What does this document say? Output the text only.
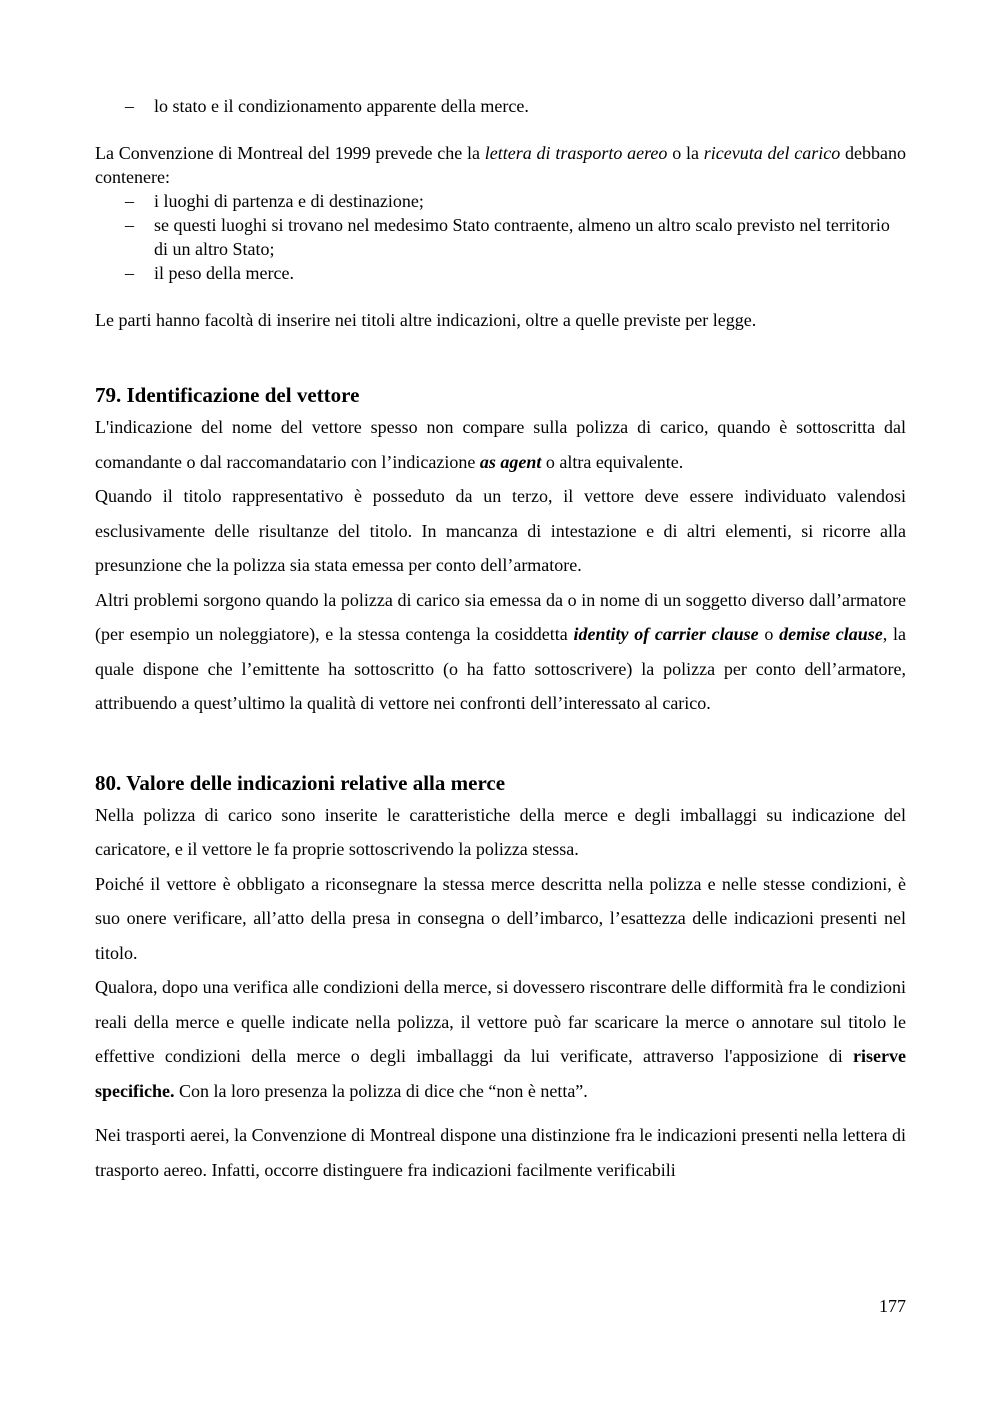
– lo stato e il condizionamento apparente della merce.

La Convenzione di Montreal del 1999 prevede che la lettera di trasporto aereo o la ricevuta del carico debbano contenere:

– i luoghi di partenza e di destinazione;
– se questi luoghi si trovano nel medesimo Stato contraente, almeno un altro scalo previsto nel territorio di un altro Stato;
– il peso della merce.

Le parti hanno facoltà di inserire nei titoli altre indicazioni, oltre a quelle previste per legge.

79. Identificazione del vettore

L'indicazione del nome del vettore spesso non compare sulla polizza di carico, quando è sottoscritta dal comandante o dal raccomandatario con l’indicazione as agent o altra equivalente.

Quando il titolo rappresentativo è posseduto da un terzo, il vettore deve essere individuato valendosi esclusivamente delle risultanze del titolo. In mancanza di intestazione e di altri elementi, si ricorre alla presunzione che la polizza sia stata emessa per conto dell’armatore.

Altri problemi sorgono quando la polizza di carico sia emessa da o in nome di un soggetto diverso dall’armatore (per esempio un noleggiatore), e la stessa contenga la cosiddetta identity of carrier clause o demise clause, la quale dispone che l’emittente ha sottoscritto (o ha fatto sottoscrivere) la polizza per conto dell’armatore, attribuendo a quest’ultimo la qualità di vettore nei confronti dell’interessato al carico.

80. Valore delle indicazioni relative alla merce

Nella polizza di carico sono inserite le caratteristiche della merce e degli imballaggi su indicazione del caricatore, e il vettore le fa proprie sottoscrivendo la polizza stessa.

Poiché il vettore è obbligato a riconsegnare la stessa merce descritta nella polizza e nelle stesse condizioni, è suo onere verificare, all’atto della presa in consegna o dell’imbarco, l’esattezza delle indicazioni presenti nel titolo.

Qualora, dopo una verifica alle condizioni della merce, si dovessero riscontrare delle difformità fra le condizioni reali della merce e quelle indicate nella polizza, il vettore può far scaricare la merce o annotare sul titolo le effettive condizioni della merce o degli imballaggi da lui verificate, attraverso l'apposizione di riserve specifiche. Con la loro presenza la polizza di dice che “non è netta”.

Nei trasporti aerei, la Convenzione di Montreal dispone una distinzione fra le indicazioni presenti nella lettera di trasporto aereo. Infatti, occorre distinguere fra indicazioni facilmente verificabili

177
